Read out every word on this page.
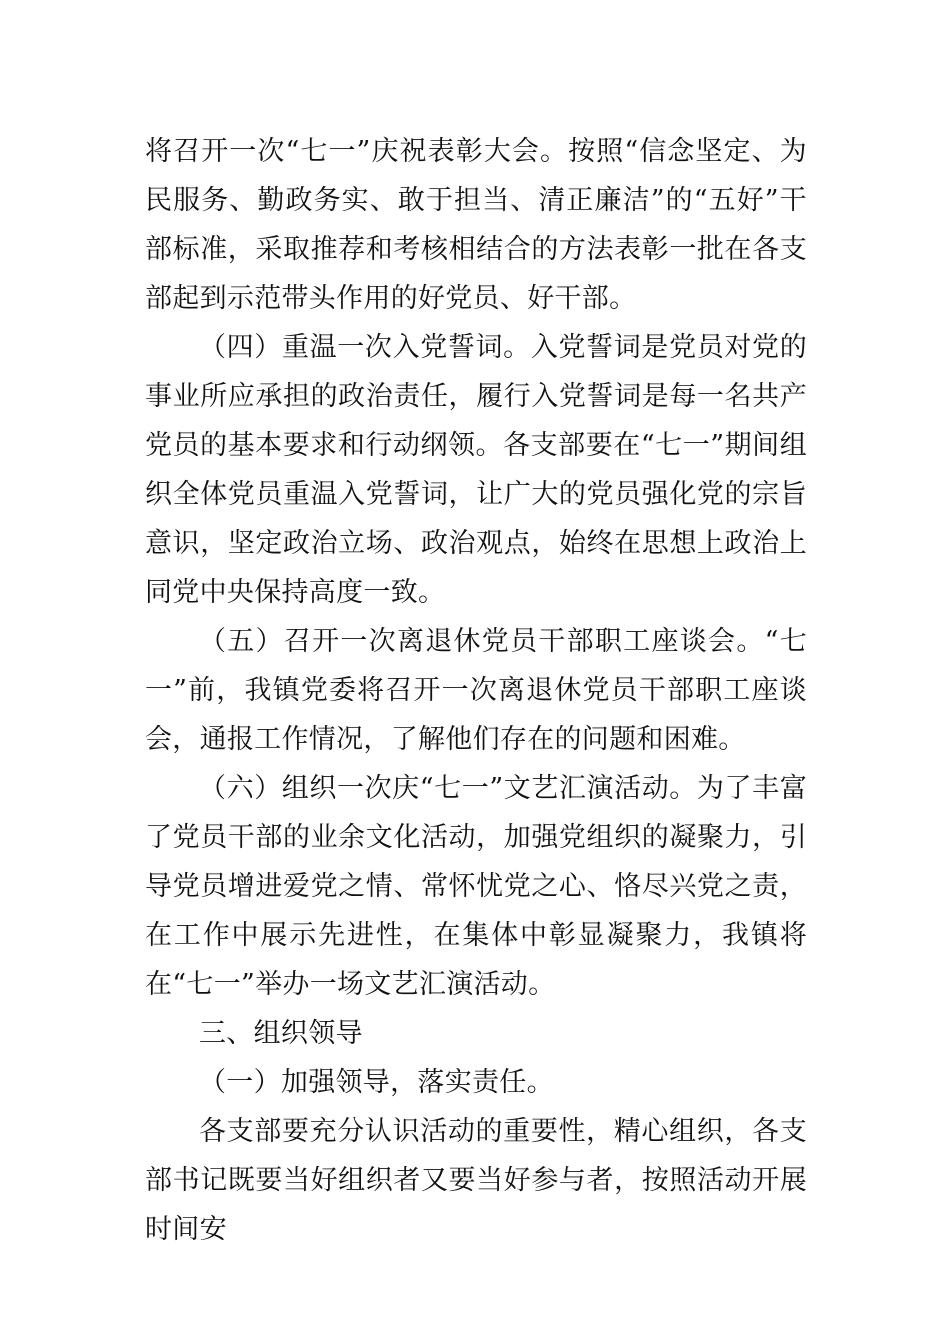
将召开一次“七一”庆祝表彰大会。按照“信念坚定、为民服务、勤政务实、敢于担当、清正廉洁”的“五好”干部标准，采取推荐和考核相结合的方法表彰一批在各支部起到示范带头作用的好党员、好干部。

（四）重温一次入党誓词。入党誓词是党员对党的事业所应承担的政治责任，履行入党誓词是每一名共产党员的基本要求和行动纲领。各支部要在“七一”期间组织全体党员重温入党誓词，让广大的党员强化党的宗旨意识，坚定政治立场、政治观点，始终在思想上政治上同党中央保持高度一致。

（五）召开一次离退休党员干部职工座谈会。“七一”前，我镇党委将召开一次离退休党员干部职工座谈会，通报工作情况，了解他们存在的问题和困难。

（六）组织一次庆“七一”文艺汇演活动。为了丰富了党员干部的业余文化活动，加强党组织的凝聚力，引导党员增进爱党之情、常怀忧党之心、恪尽兴党之责，在工作中展示先进性，在集体中彰显凝聚力，我镇将在“七一”举办一场文艺汇演活动。

三、组织领导

（一）加强领导，落实责任。

各支部要充分认识活动的重要性，精心组织，各支部书记既要当好组织者又要当好参与者，按照活动开展时间安
